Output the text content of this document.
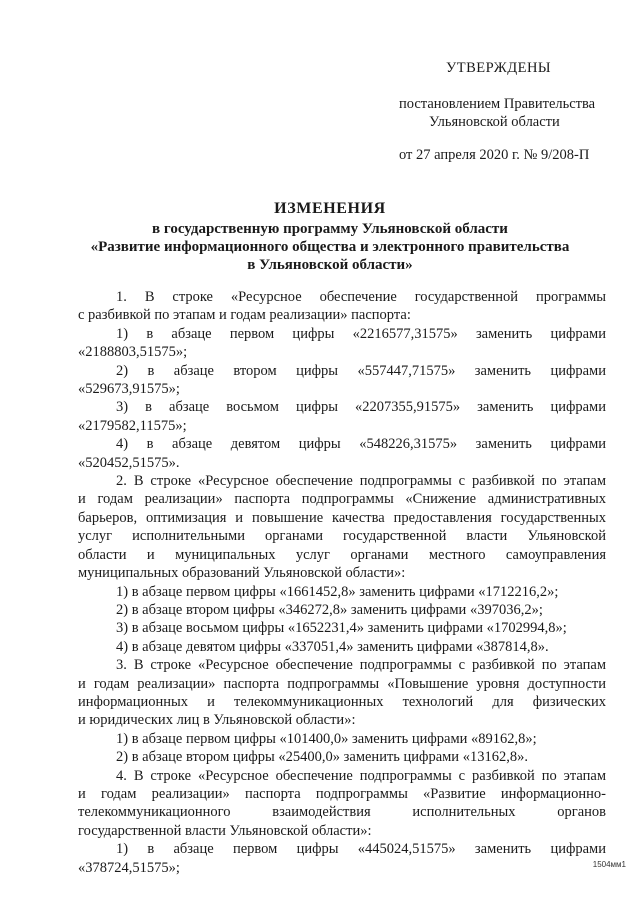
УТВЕРЖДЕНЫ
постановлением Правительства
Ульяновской области
от 27 апреля 2020 г. № 9/208-П
ИЗМЕНЕНИЯ
в государственную программу Ульяновской области
«Развитие информационного общества и электронного правительства
в Ульяновской области»

1. В строке «Ресурсное обеспечение государственной программы

с разбивкой по этапам и годам реализации» паспорта:

1) в абзаце первом цифры «2216577,31575» заменить цифрами

«2188803,51575»;

2) в абзаце втором цифры «557447,71575» заменить цифрами

«529673,91575»;

3) в абзаце восьмом цифры «2207355,91575» заменить цифрами

«2179582,11575»;

4) в абзаце девятом цифры «548226,31575» заменить цифрами

«520452,51575».

2. В строке «Ресурсное обеспечение подпрограммы с разбивкой по этапам

и годам реализации» паспорта подпрограммы «Снижение административных

барьеров, оптимизация и повышение качества предоставления государственных

услуг исполнительными органами государственной власти Ульяновской

области и муниципальных услуг органами местного самоуправления

муниципальных образований Ульяновской области»:

1) в абзаце первом цифры «1661452,8» заменить цифрами «1712216,2»;

2) в абзаце втором цифры «346272,8» заменить цифрами «397036,2»;

3) в абзаце восьмом цифры «1652231,4» заменить цифрами «1702994,8»;

4) в абзаце девятом цифры «337051,4» заменить цифрами «387814,8».

3. В строке «Ресурсное обеспечение подпрограммы с разбивкой по этапам

и годам реализации» паспорта подпрограммы «Повышение уровня доступности

информационных и телекоммуникационных технологий для физических

и юридических лиц в Ульяновской области»:

1) в абзаце первом цифры «101400,0» заменить цифрами «89162,8»;

2) в абзаце втором цифры «25400,0» заменить цифрами «13162,8».

4. В строке «Ресурсное обеспечение подпрограммы с разбивкой по этапам

и годам реализации» паспорта подпрограммы «Развитие информационно-

телекоммуникационного взаимодействия исполнительных органов

государственной власти Ульяновской области»:

1) в абзаце первом цифры «445024,51575» заменить цифрами

«378724,51575»;	1504мм1
